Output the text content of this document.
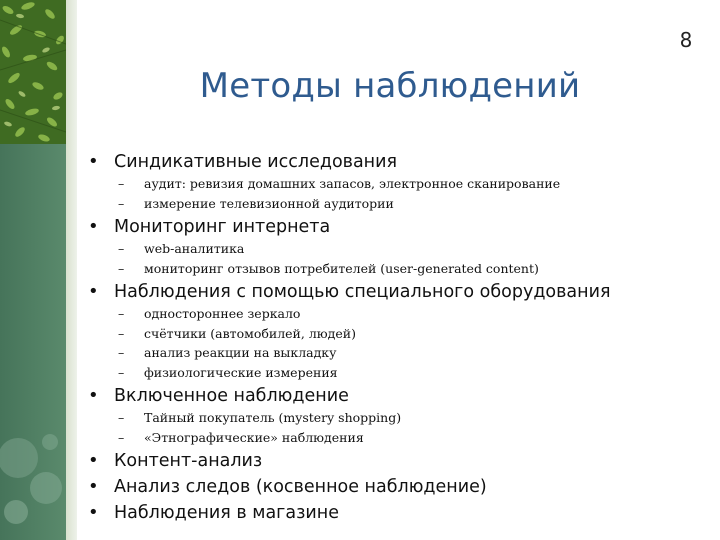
8
Методы наблюдений
• Синдикативные исследования
– аудит: ревизия домашних запасов, электронное сканирование
– измерение телевизионной аудитории
• Мониторинг интернета
– web-аналитика
– мониторинг отзывов потребителей (user-generated content)
• Наблюдения с помощью специального оборудования
– одностороннее зеркало
– счётчики (автомобилей, людей)
– анализ реакции на выкладку
– физиологические измерения
• Включенное наблюдение
– Тайный покупатель (mystery shopping)
– «Этнографические» наблюдения
• Контент-анализ
• Анализ следов (косвенное наблюдение)
• Наблюдения в магазине
